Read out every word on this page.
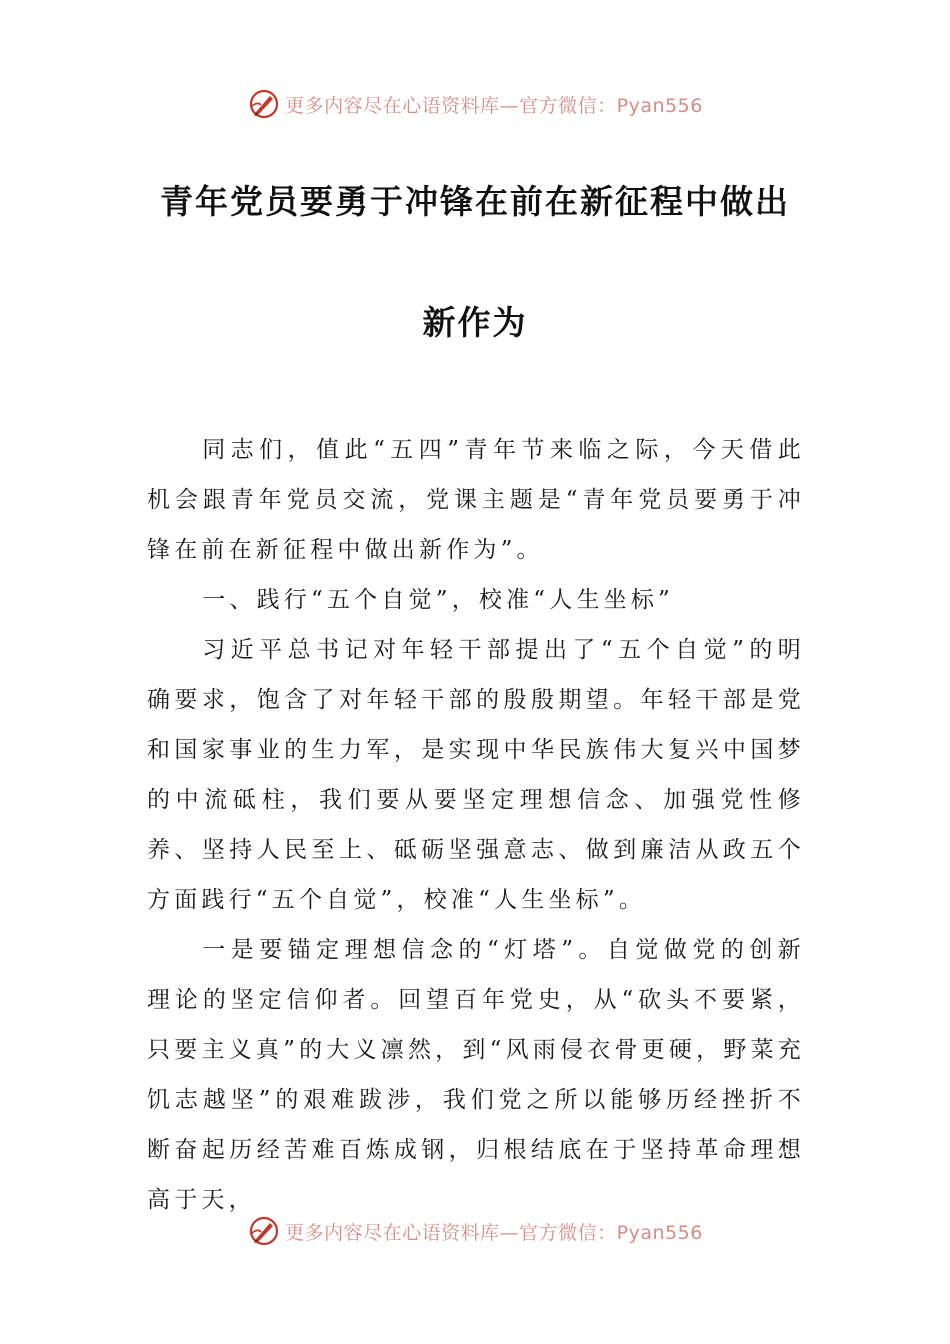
更多内容尽在心语资料库—官方微信：Pyan556
青年党员要勇于冲锋在前在新征程中做出
新作为

同志们，值此“五四”青年节来临之际，今天借此机会跟青年党员交流，党课主题是“青年党员要勇于冲锋在前在新征程中做出新作为”。

一、践行“五个自觉”，校准“人生坐标”

习近平总书记对年轻干部提出了“五个自觉”的明确要求，饱含了对年轻干部的殷殷期望。年轻干部是党和国家事业的生力军，是实现中华民族伟大复兴中国梦的中流砥柱，我们要从要坚定理想信念、加强党性修养、坚持人民至上、砥砺坚强意志、做到廉洁从政五个方面践行“五个自觉”，校准“人生坐标”。

一是要锚定理想信念的“灯塔”。自觉做党的创新理论的坚定信仰者。回望百年党史，从“砍头不要紧，只要主义真”的大义凛然，到“风雨侵衣骨更硬，野菜充饥志越坚”的艰难跋涉，我们党之所以能够历经挫折不断奋起历经苦难百炼成钢，归根结底在于坚持革命理想高于天，

更多内容尽在心语资料库—官方微信：Pyan556
